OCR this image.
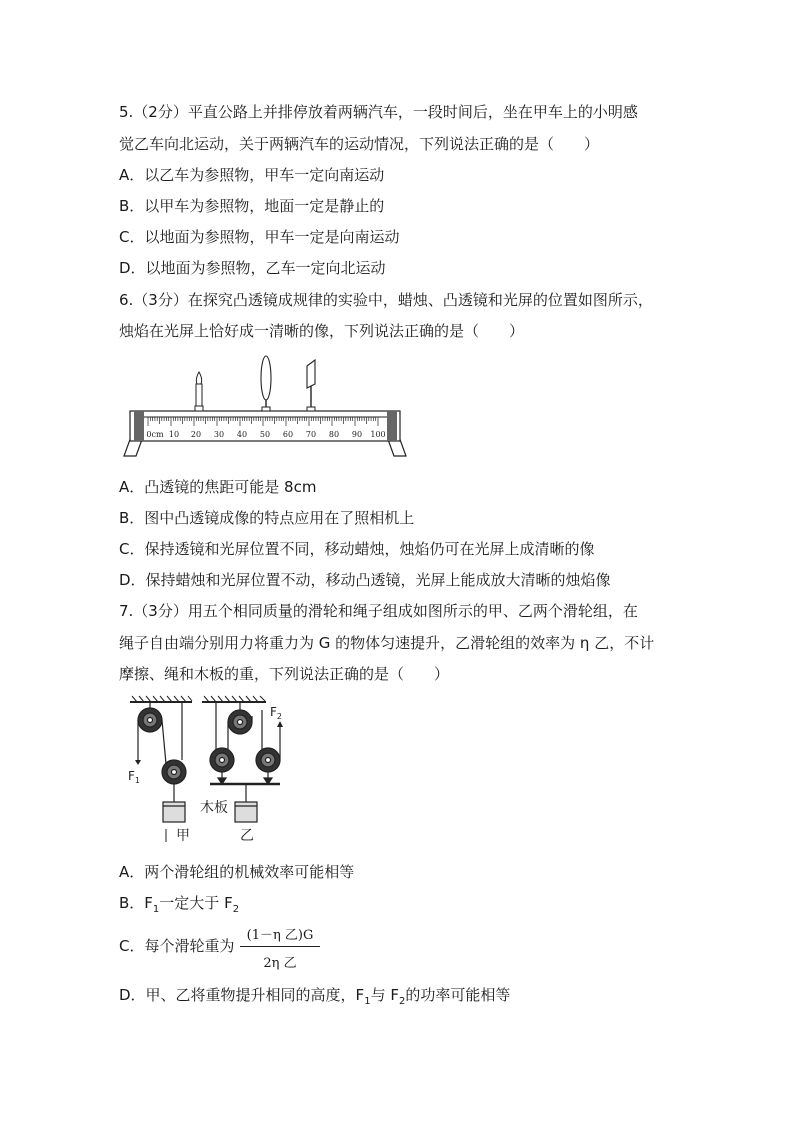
5.（2分）平直公路上并排停放着两辆汽车，一段时间后，坐在甲车上的小明感
觉乙车向北运动，关于两辆汽车的运动情况，下列说法正确的是（　　）
A．以乙车为参照物，甲车一定向南运动
B．以甲车为参照物，地面一定是静止的
C．以地面为参照物，甲车一定是向南运动
D．以地面为参照物，乙车一定向北运动
6.（3分）在探究凸透镜成规律的实验中，蜡烛、凸透镜和光屏的位置如图所示，
烛焰在光屏上恰好成一清晰的像，下列说法正确的是（　　）
0cm 10 20 30 40 50 60 70 80 90 100
A．凸透镜的焦距可能是 8cm
B．图中凸透镜成像的特点应用在了照相机上
C．保持透镜和光屏位置不同，移动蜡烛，烛焰仍可在光屏上成清晰的像
D．保持蜡烛和光屏位置不动，移动凸透镜，光屏上能成放大清晰的烛焰像
7.（3分）用五个相同质量的滑轮和绳子组成如图所示的甲、乙两个滑轮组，在
绳子自由端分别用力将重力为 G 的物体匀速提升，乙滑轮组的效率为 η 乙，不计
摩擦、绳和木板的重，下列说法正确的是（　　）
$F_1$
$F_2$
木板
甲	乙
A．两个滑轮组的机械效率可能相等
B．$F_1$一定大于 $F_2$
C．每个滑轮重为
(1－η 乙)G
2η 乙
D．甲、乙将重物提升相同的高度，$F_1$与 $F_2$的功率可能相等
